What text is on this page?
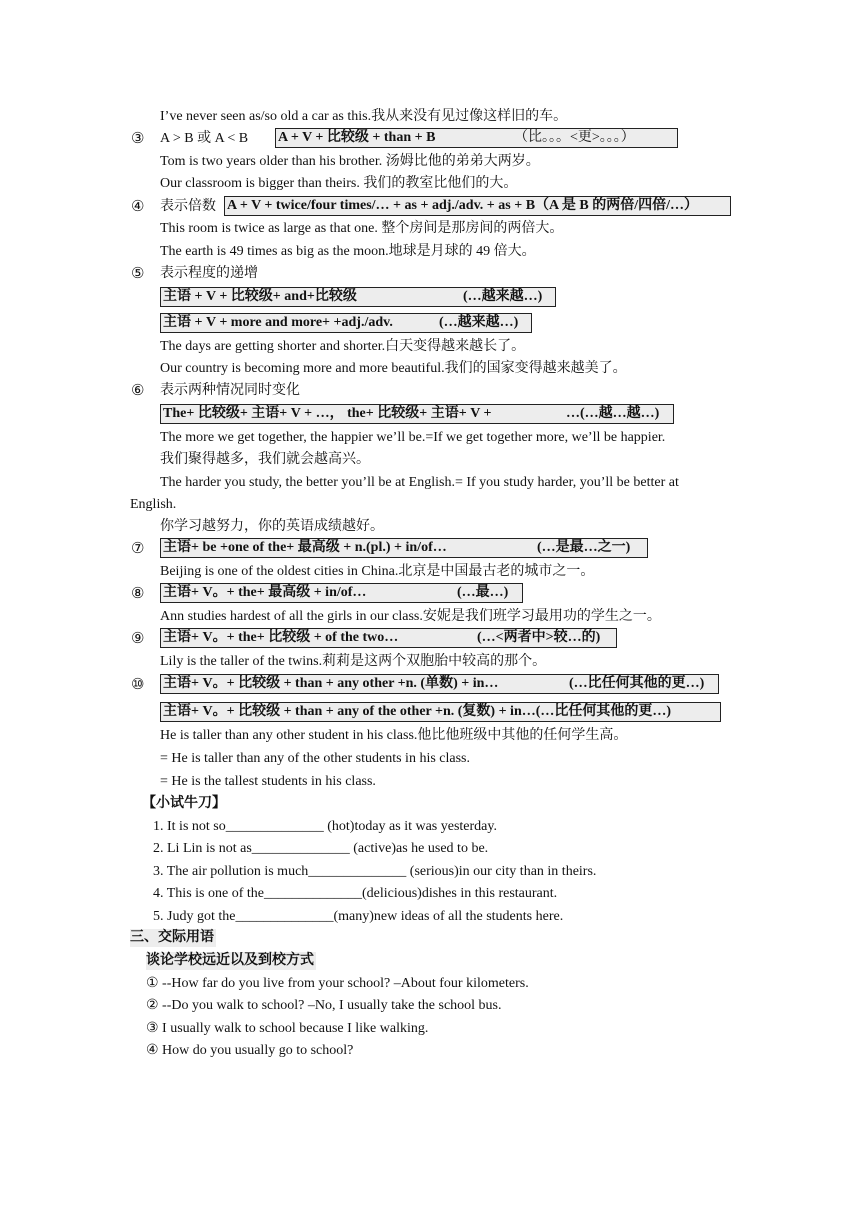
I’ve never seen as/so old a car as this.我从来没有见过像这样旧的车。
③ A > B 或 A < B A + V + 比较级 + than + B	（比。。。<更>。。。）
Tom is two years older than his brother. 汤姆比他的弟弟大两岁。
Our classroom is bigger than theirs. 我们的教室比他们的大。
④ 表示倍数 A + V + twice/four times/… + as + adj./adv. + as + B（A 是 B 的两倍/四倍/…）
This room is twice as large as that one. 整个房间是那房间的两倍大。
The earth is 49 times as big as the moon.地球是月球的 49 倍大。
⑤ 表示程度的递增
主语 + V + 比较级+ and+比较级	(…越来越…)
主语 + V + more and more+ +adj./adv.	(…越来越…)
The days are getting shorter and shorter.白天变得越来越长了。
Our country is becoming more and more beautiful.我们的国家变得越来越美了。
⑥ 表示两种情况同时变化
The+ 比较级+ 主语+ V + …， the+ 比较级+ 主语+ V +	…(…越…越…)
The more we get together, the happier we’ll be.=If we get together more, we’ll be happier.
我们聚得越多，我们就会越高兴。
The harder you study, the better you’ll be at English.= If you study harder, you’ll be better at
English.
你学习越努力，你的英语成绩越好。
⑦ 主语+ be +one of the+ 最高级 + n.(pl.) + in/of…	(…是最…之一)
Beijing is one of the oldest cities in China.北京是中国最古老的城市之一。
⑧ 主语+ V。+ the+ 最高级 + in/of…	(…最…)
Ann studies hardest of all the girls in our class.安妮是我们班学习最用功的学生之一。
⑨ 主语+ V。+ the+ 比较级 + of the two…	(…<两者中>较…的)
Lily is the taller of the twins.莉莉是这两个双胞胎中较高的那个。
⑩ 主语+ V。+ 比较级 + than + any other +n. (单数) + in…	(…比任何其他的更…)
主语+ V。+ 比较级 + than + any of the other +n. (复数) + in…(…比任何其他的更…)
He is taller than any other student in his class.他比他班级中其他的任何学生高。
= He is taller than any of the other students in his class.
= He is the tallest students in his class.
【小试牛刀】
1. It is not so______________ (hot)today as it was yesterday.
2. Li Lin is not as______________ (active)as he used to be.
3. The air pollution is much______________ (serious)in our city than in theirs.
4. This is one of the______________(delicious)dishes in this restaurant.
5. Judy got the______________(many)new ideas of all the students here.
三、交际用语
谈论学校远近以及到校方式
① --How far do you live from your school? –About four kilometers.
② --Do you walk to school? –No, I usually take the school bus.
③ I usually walk to school because I like walking.
④ How do you usually go to school?
